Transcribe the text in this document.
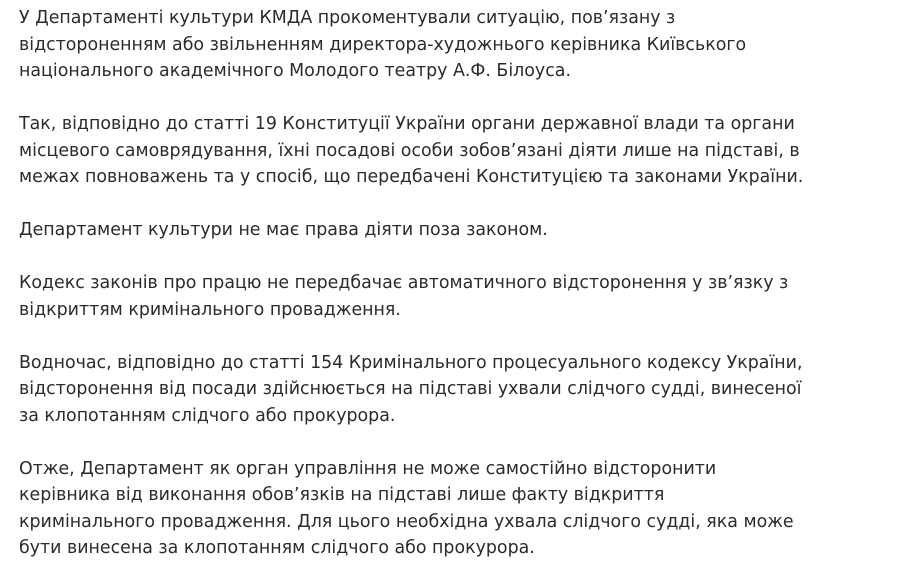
У Департаменті культури КМДА прокоментували ситуацію, пов’язану з
відстороненням або звільненням директора-художнього керівника Київського
національного академічного Молодого театру А.Ф. Білоуса.

Так, відповідно до статті 19 Конституції України органи державної влади та органи
місцевого самоврядування, їхні посадові особи зобов’язані діяти лише на підставі, в
межах повноважень та у спосіб, що передбачені Конституцією та законами України.

Департамент культури не має права діяти поза законом.

Кодекс законів про працю не передбачає автоматичного відсторонення у зв’язку з
відкриттям кримінального провадження.

Водночас, відповідно до статті 154 Кримінального процесуального кодексу України,
відсторонення від посади здійснюється на підставі ухвали слідчого судді, винесеної
за клопотанням слідчого або прокурора.

Отже, Департамент як орган управління не може самостійно відсторонити
керівника від виконання обов’язків на підставі лише факту відкриття
кримінального провадження. Для цього необхідна ухвала слідчого судді, яка може
бути винесена за клопотанням слідчого або прокурора.
